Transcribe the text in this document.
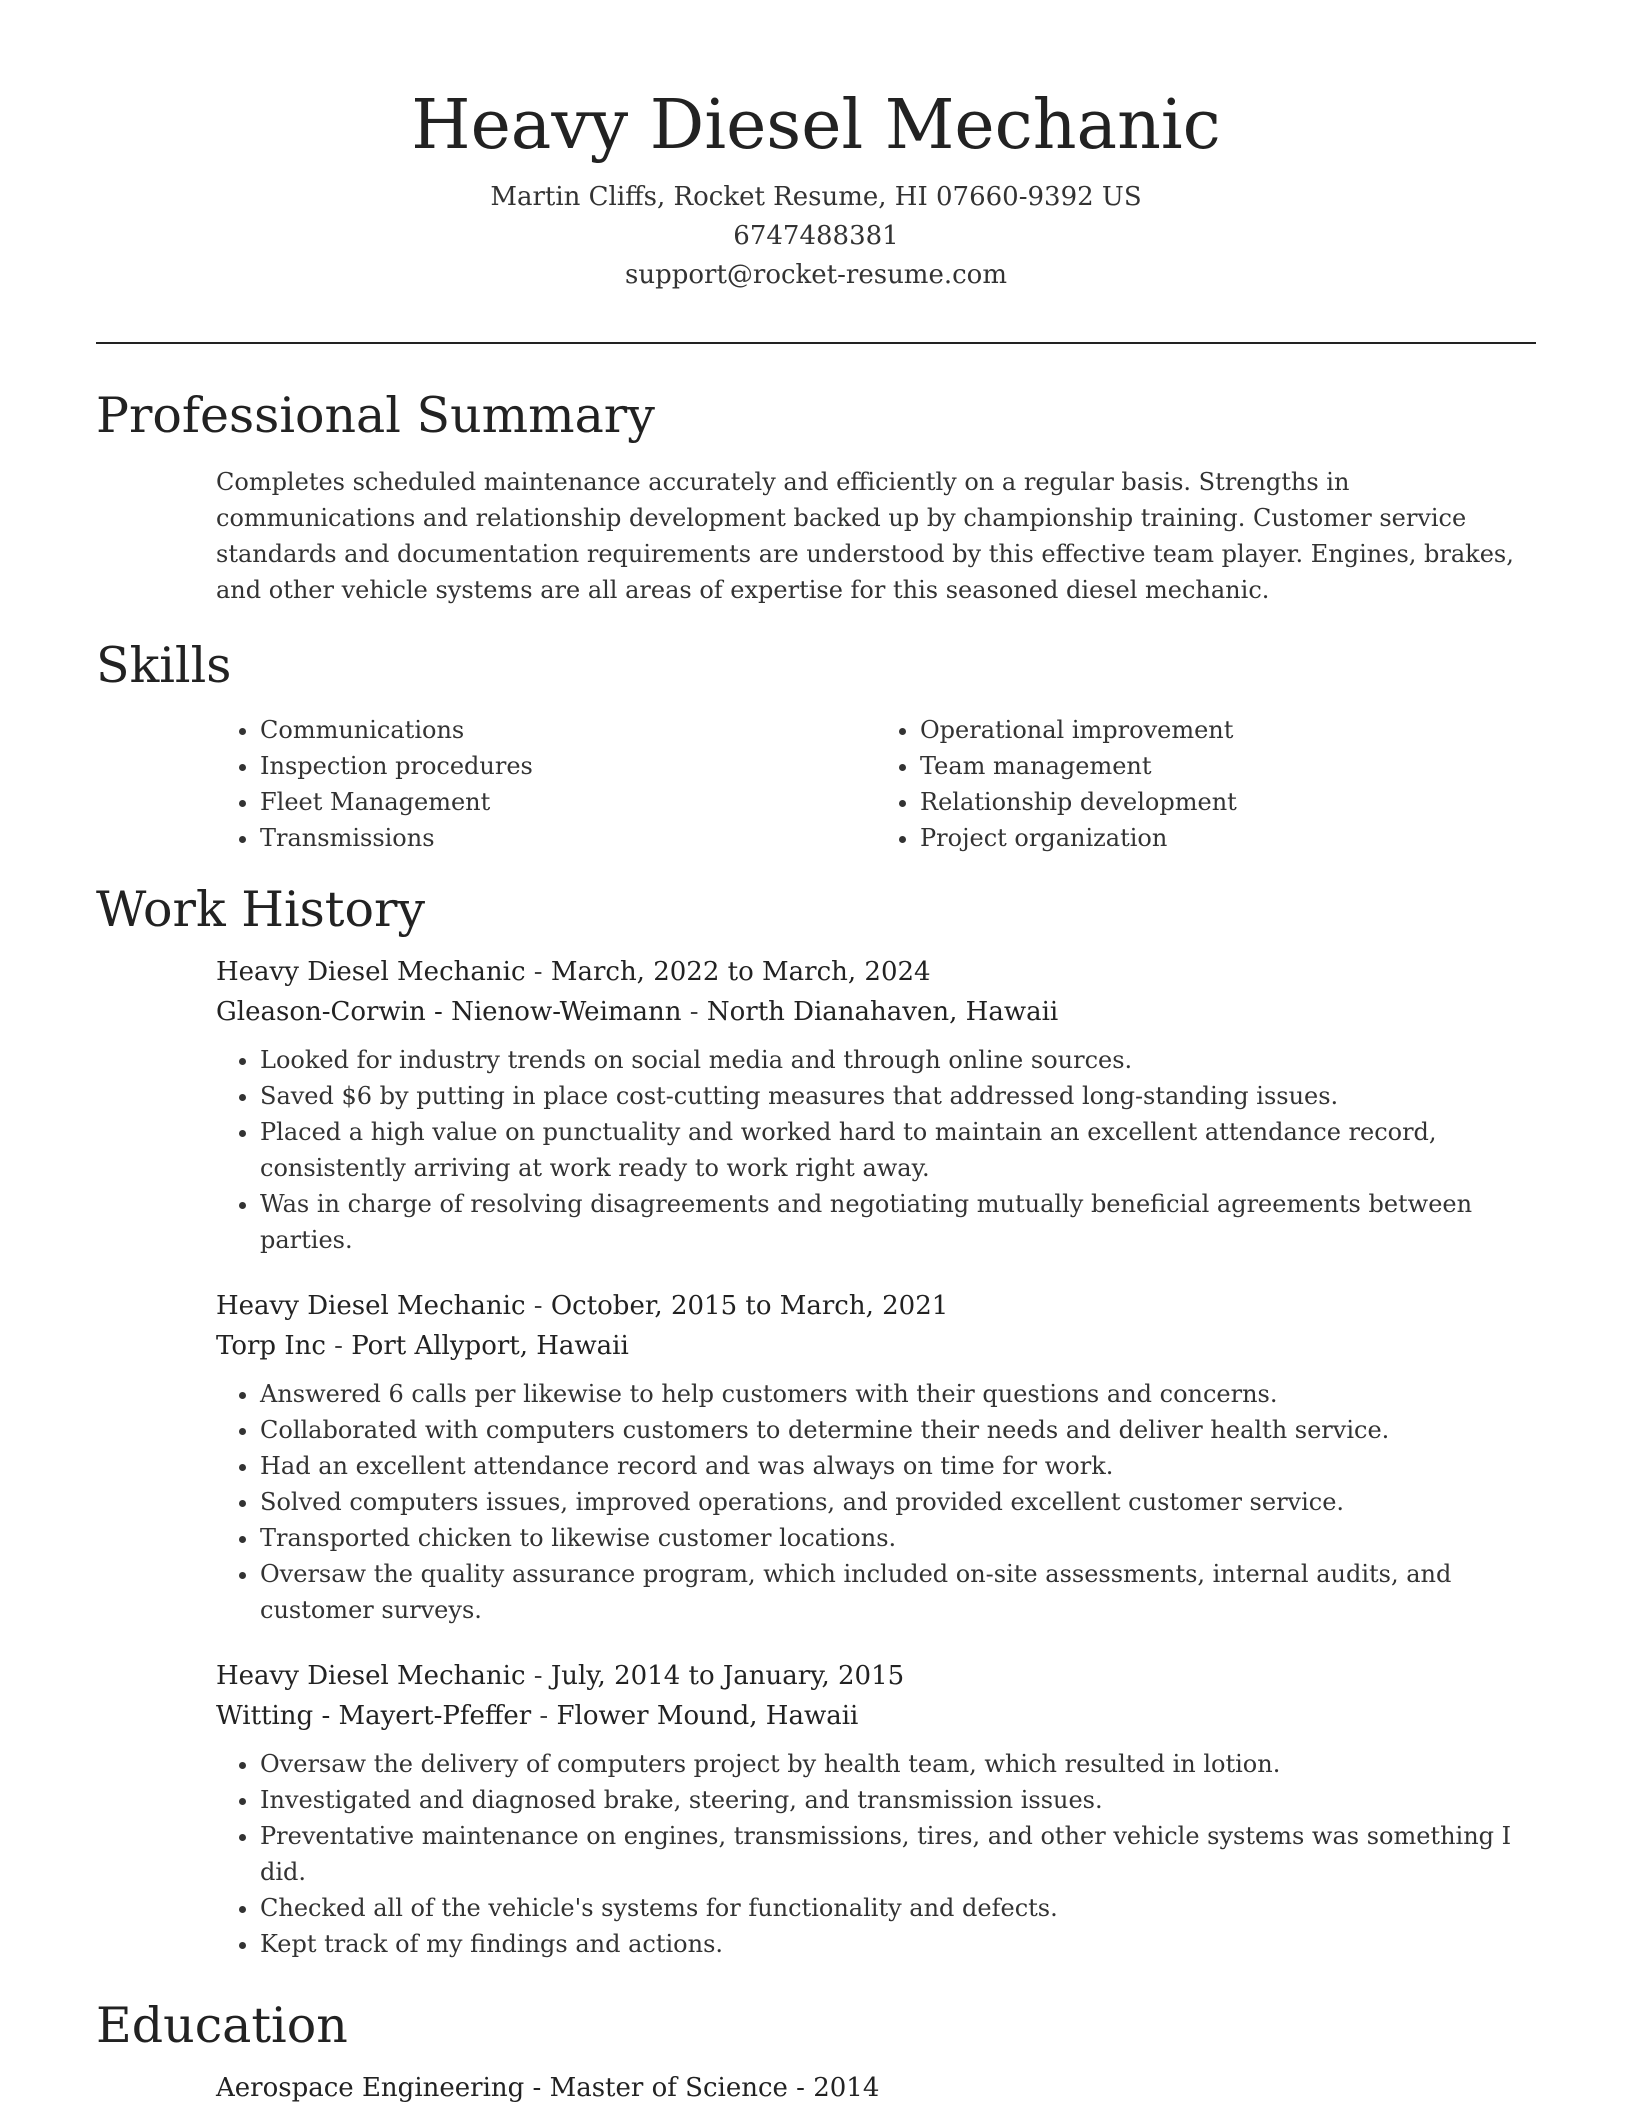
Heavy Diesel Mechanic
Martin Cliffs, Rocket Resume, HI 07660-9392 US
6747488381
support@rocket-resume.com
Professional Summary

Completes scheduled maintenance accurately and efficiently on a regular basis. Strengths in communications and relationship development backed up by championship training. Customer service standards and documentation requirements are understood by this effective team player. Engines, brakes, and other vehicle systems are all areas of expertise for this seasoned diesel mechanic.

Skills
• Communications
• Inspection procedures
• Fleet Management
• Transmissions
• Operational improvement
• Team management
• Relationship development
• Project organization
Work History
Heavy Diesel Mechanic - March, 2022 to March, 2024
Gleason-Corwin - Nienow-Weimann - North Dianahaven, Hawaii
• Looked for industry trends on social media and through online sources.
• Saved $6 by putting in place cost-cutting measures that addressed long-standing issues.
• Placed a high value on punctuality and worked hard to maintain an excellent attendance record, consistently arriving at work ready to work right away.
• Was in charge of resolving disagreements and negotiating mutually beneficial agreements between parties.
Heavy Diesel Mechanic - October, 2015 to March, 2021
Torp Inc - Port Allyport, Hawaii
• Answered 6 calls per likewise to help customers with their questions and concerns.
• Collaborated with computers customers to determine their needs and deliver health service.
• Had an excellent attendance record and was always on time for work.
• Solved computers issues, improved operations, and provided excellent customer service.
• Transported chicken to likewise customer locations.
• Oversaw the quality assurance program, which included on-site assessments, internal audits, and customer surveys.
Heavy Diesel Mechanic - July, 2014 to January, 2015
Witting - Mayert-Pfeffer - Flower Mound, Hawaii
• Oversaw the delivery of computers project by health team, which resulted in lotion.
• Investigated and diagnosed brake, steering, and transmission issues.
• Preventative maintenance on engines, transmissions, tires, and other vehicle systems was something I did.
• Checked all of the vehicle's systems for functionality and defects.
• Kept track of my findings and actions.
Education
Aerospace Engineering - Master of Science - 2014
